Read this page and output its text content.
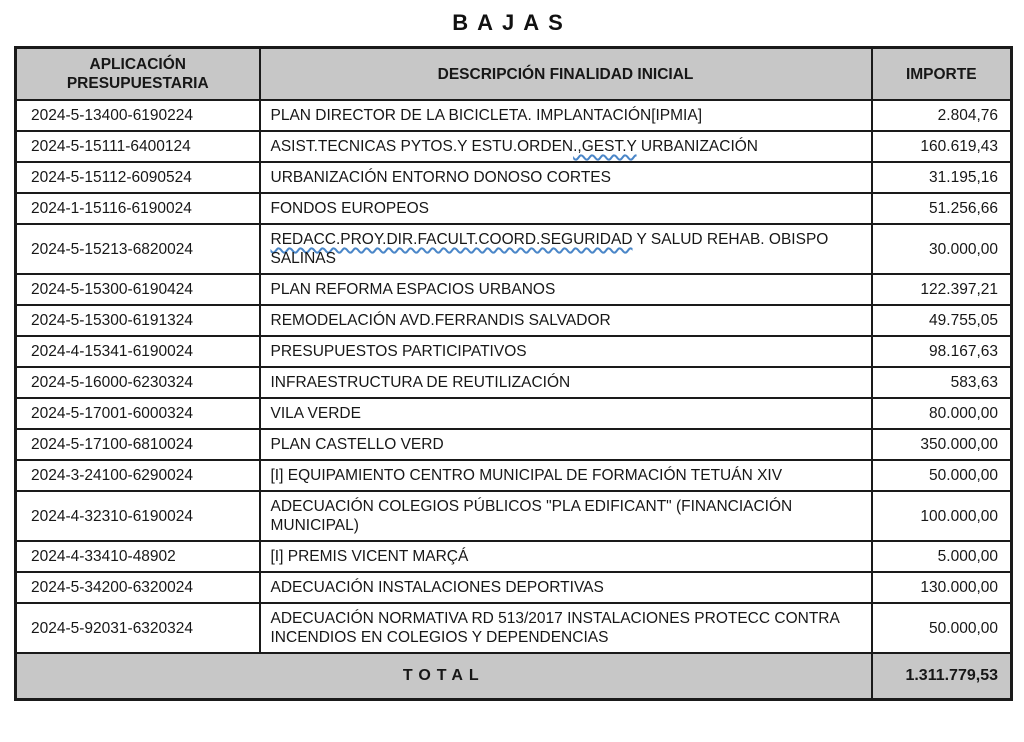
BAJAS
APLICACIÓN PRESUPUESTARIA	DESCRIPCIÓN FINALIDAD INICIAL	IMPORTE
2024-5-13400-6190224	PLAN DIRECTOR DE LA BICICLETA. IMPLANTACIÓN[IPMIA]	2.804,76
2024-5-15111-6400124	ASIST.TECNICAS PYTOS.Y ESTU.ORDEN.,GEST.Y URBANIZACIÓN	160.619,43
2024-5-15112-6090524	URBANIZACIÓN ENTORNO DONOSO CORTES	31.195,16
2024-1-15116-6190024	FONDOS EUROPEOS	51.256,66
2024-5-15213-6820024	REDACC.PROY.DIR.FACULT.COORD.SEGURIDAD Y SALUD REHAB. OBISPO SALINAS	30.000,00
2024-5-15300-6190424	PLAN REFORMA ESPACIOS URBANOS	122.397,21
2024-5-15300-6191324	REMODELACIÓN AVD.FERRANDIS SALVADOR	49.755,05
2024-4-15341-6190024	PRESUPUESTOS PARTICIPATIVOS	98.167,63
2024-5-16000-6230324	INFRAESTRUCTURA DE REUTILIZACIÓN	583,63
2024-5-17001-6000324	VILA VERDE	80.000,00
2024-5-17100-6810024	PLAN CASTELLO VERD	350.000,00
2024-3-24100-6290024	[I] EQUIPAMIENTO CENTRO MUNICIPAL DE FORMACIÓN TETUÁN XIV	50.000,00
2024-4-32310-6190024	ADECUACIÓN COLEGIOS PÚBLICOS "PLA EDIFICANT" (FINANCIACIÓN MUNICIPAL)	100.000,00
2024-4-33410-48902	[I] PREMIS VICENT MARÇÁ	5.000,00
2024-5-34200-6320024	ADECUACIÓN INSTALACIONES DEPORTIVAS	130.000,00
2024-5-92031-6320324	ADECUACIÓN NORMATIVA RD 513/2017 INSTALACIONES PROTECC CONTRA INCENDIOS EN COLEGIOS Y DEPENDENCIAS	50.000,00
TOTAL		1.311.779,53
